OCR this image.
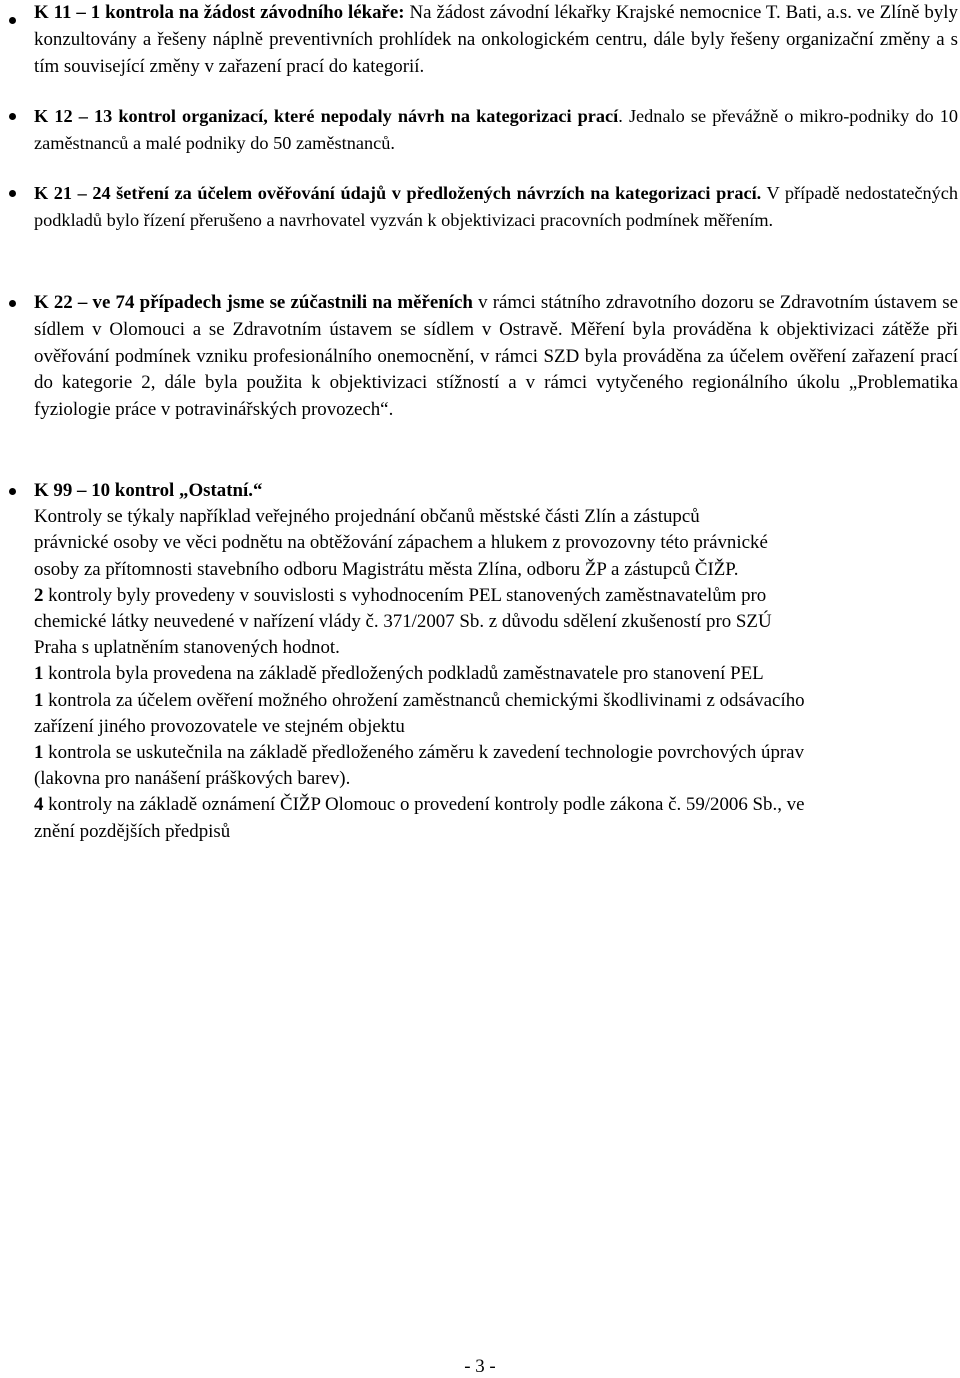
K 11 – 1 kontrola na žádost závodního lékaře: Na žádost závodní lékařky Krajské nemocnice T. Bati, a.s. ve Zlíně byly konzultovány a řešeny náplně preventivních prohlídek na onkologickém centru, dále byly řešeny organizační změny a s tím související změny v zařazení prací do kategorií.
K 12 – 13 kontrol organizací, které nepodaly návrh na kategorizaci prací. Jednalo se převážně o mikro-podniky do 10 zaměstnanců a malé podniky do 50 zaměstnanců.
K 21 – 24 šetření za účelem ověřování údajů v předložených návrzích na kategorizaci prací. V případě nedostatečných podkladů bylo řízení přerušeno a navrhovatel vyzván k objektivizaci pracovních podmínek měřením.
K 22 – ve 74 případech jsme se zúčastnili na měřeních v rámci státního zdravotního dozoru se Zdravotním ústavem se sídlem v Olomouci a se Zdravotním ústavem se sídlem v Ostravě. Měření byla prováděna k objektivizaci zátěže při ověřování podmínek vzniku profesionálního onemocnění, v rámci SZD byla prováděna za účelem ověření zařazení prací do kategorie 2, dále byla použita k objektivizaci stížností a v rámci vytyčeného regionálního úkolu „Problematika fyziologie práce v potravinářských provozech“.
K 99 – 10 kontrol „Ostatní.“
Kontroly se týkaly například veřejného projednání občanů městské části Zlín a zástupců
právnické osoby ve věci podnětu na obtěžování zápachem a hlukem z provozovny této právnické
osoby za přítomnosti stavebního odboru Magistrátu města Zlína, odboru ŽP a zástupců ČIŽP.
2 kontroly byly provedeny v souvislosti s vyhodnocením PEL stanovených zaměstnavatelům pro
chemické látky neuvedené v nařízení vlády č. 371/2007 Sb. z důvodu sdělení zkušeností pro SZÚ
Praha s uplatněním stanovených hodnot.
1 kontrola byla provedena na základě předložených podkladů zaměstnavatele pro stanovení PEL
1 kontrola za účelem ověření možného ohrožení zaměstnanců chemickými škodlivinami z odsávacího
zařízení jiného provozovatele ve stejném objektu
1 kontrola se uskutečnila na základě předloženého záměru k zavedení technologie povrchových úprav
(lakovna pro nanášení práškových barev).
4 kontroly na základě oznámení ČIŽP Olomouc o provedení kontroly podle zákona č. 59/2006 Sb., ve
znění pozdějších předpisů
- 3 -
